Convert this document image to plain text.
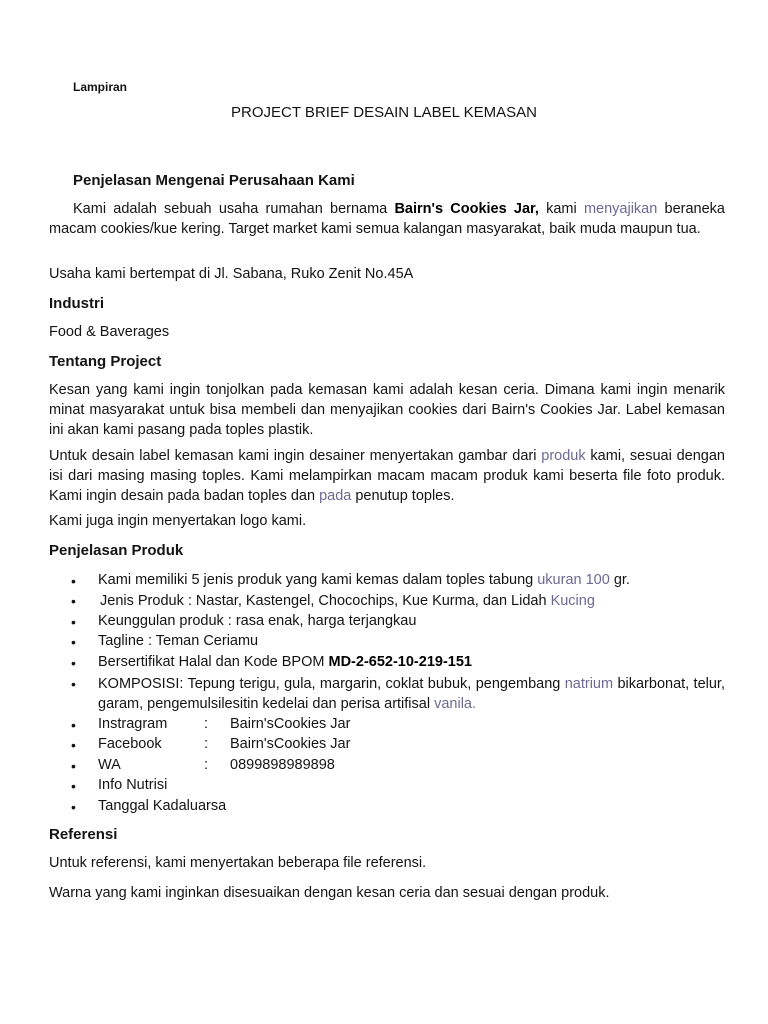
Lampiran
PROJECT BRIEF DESAIN LABEL KEMASAN
Penjelasan Mengenai Perusahaan Kami
Kami adalah sebuah usaha rumahan bernama Bairn's Cookies Jar, kami menyajikan beraneka macam cookies/kue kering. Target market kami semua kalangan masyarakat, baik muda maupun tua.
Usaha kami bertempat di Jl. Sabana, Ruko Zenit No.45A
Industri
Food & Baverages
Tentang Project
Kesan yang kami ingin tonjolkan pada kemasan kami adalah kesan ceria. Dimana kami ingin menarik minat masyarakat untuk bisa membeli dan menyajikan cookies dari Bairn's Cookies Jar. Label kemasan ini akan kami pasang pada toples plastik.
Untuk desain label kemasan kami ingin desainer menyertakan gambar dari produk kami, sesuai dengan isi dari masing masing toples. Kami melampirkan macam macam produk kami beserta file foto produk. Kami ingin desain pada badan toples dan pada penutup toples.
Kami juga ingin menyertakan logo kami.
Penjelasan Produk
• Kami memiliki 5 jenis produk yang kami kemas dalam toples tabung ukuran 100 gr.
• Jenis Produk : Nastar, Kastengel, Chocochips, Kue Kurma, dan Lidah Kucing
• Keunggulan produk : rasa enak, harga terjangkau
• Tagline : Teman Ceriamu
• Bersertifikat Halal dan Kode BPOM MD-2-652-10-219-151
• KOMPOSISI: Tepung terigu, gula, margarin, coklat bubuk, pengembang natrium bikarbonat, telur, garam, pengemulsilesitin kedelai dan perisa artifisal vanila.
• Instragram	: Bairn'sCookies Jar
• Facebook	: Bairn'sCookies Jar
• WA	: 0899898989898
• Info Nutrisi
• Tanggal Kadaluarsa
Referensi
Untuk referensi, kami menyertakan beberapa file referensi.
Warna yang kami inginkan disesuaikan dengan kesan ceria dan sesuai dengan produk.
